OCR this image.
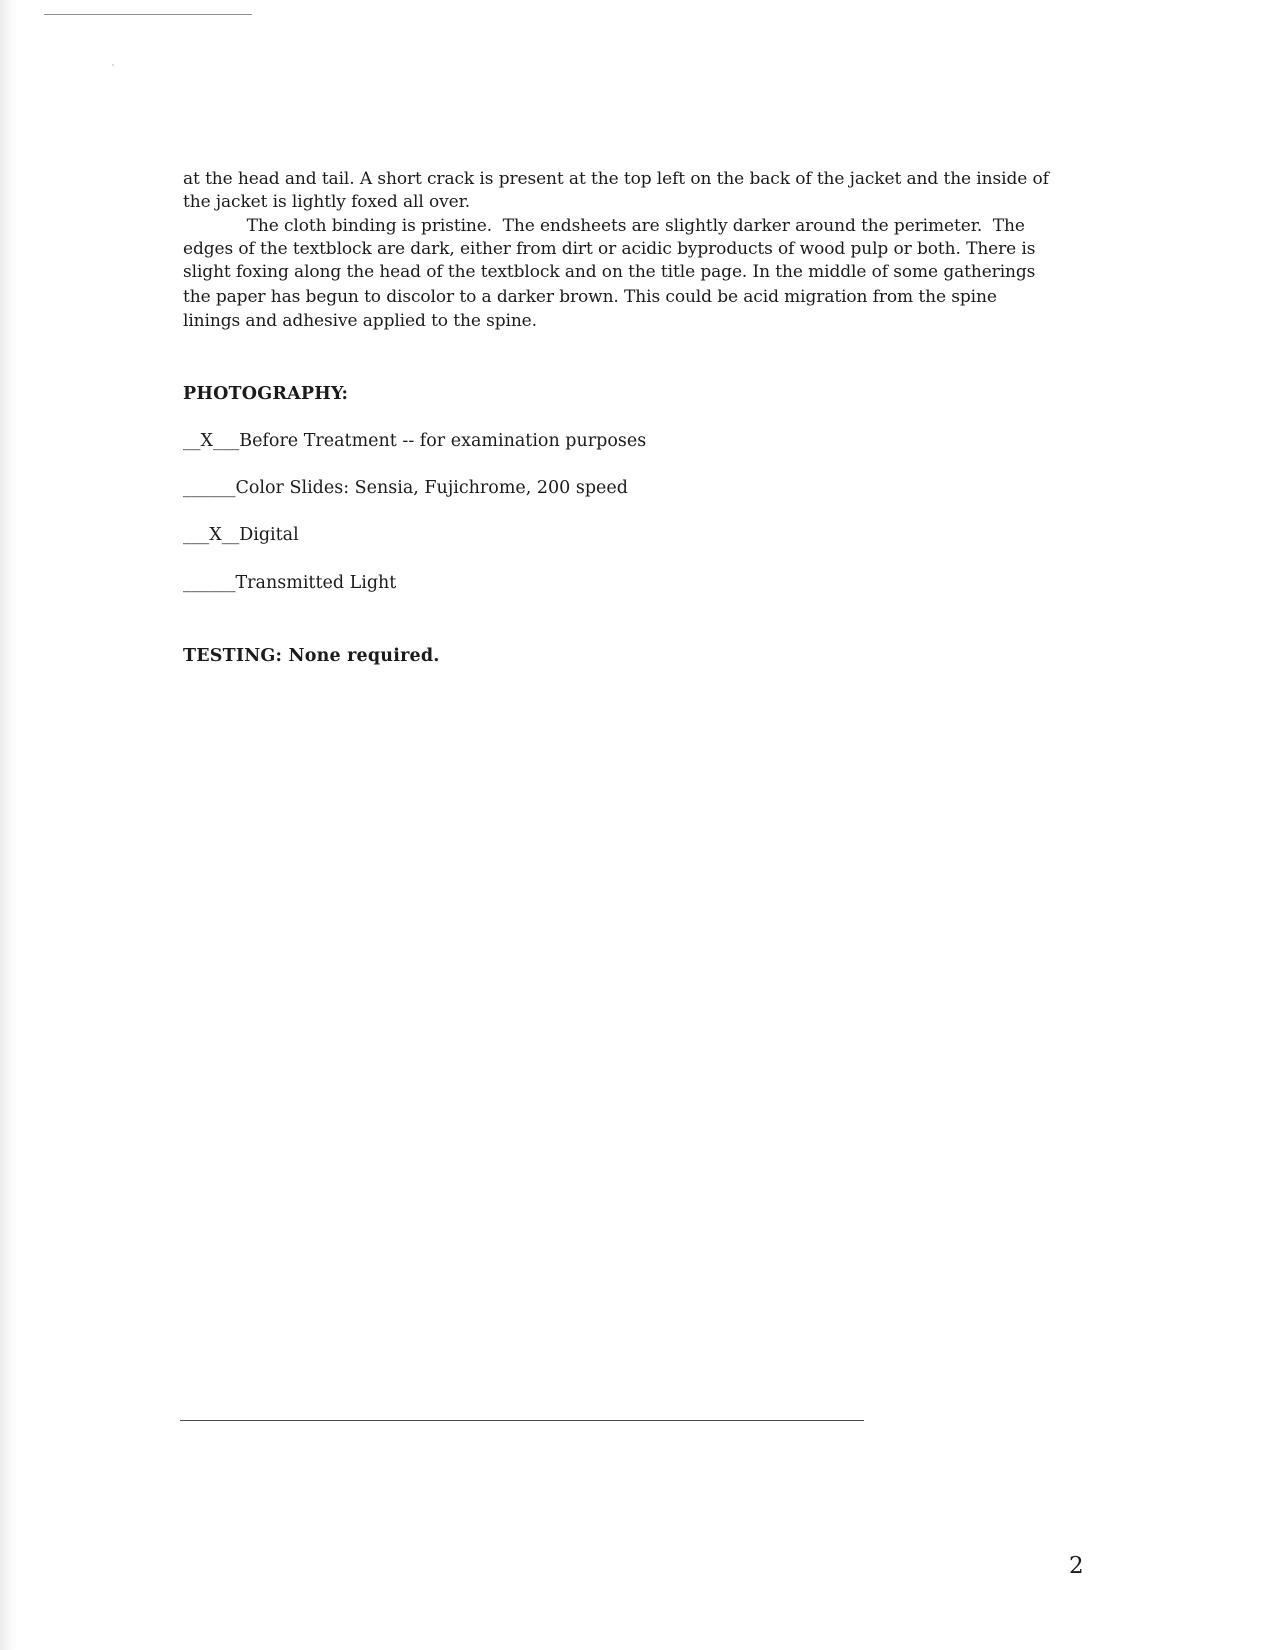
at the head and tail. A short crack is present at the top left on the back of the jacket and the inside of
the jacket is lightly foxed all over.
The cloth binding is pristine.  The endsheets are slightly darker around the perimeter.  The
edges of the textblock are dark, either from dirt or acidic byproducts of wood pulp or both. There is
slight foxing along the head of the textblock and on the title page. In the middle of some gatherings
the paper has begun to discolor to a darker brown. This could be acid migration from the spine
linings and adhesive applied to the spine.
PHOTOGRAPHY:
__X___Before Treatment -- for examination purposes
______Color Slides: Sensia, Fujichrome, 200 speed
___X__Digital
______Transmitted Light
TESTING: None required.
2
